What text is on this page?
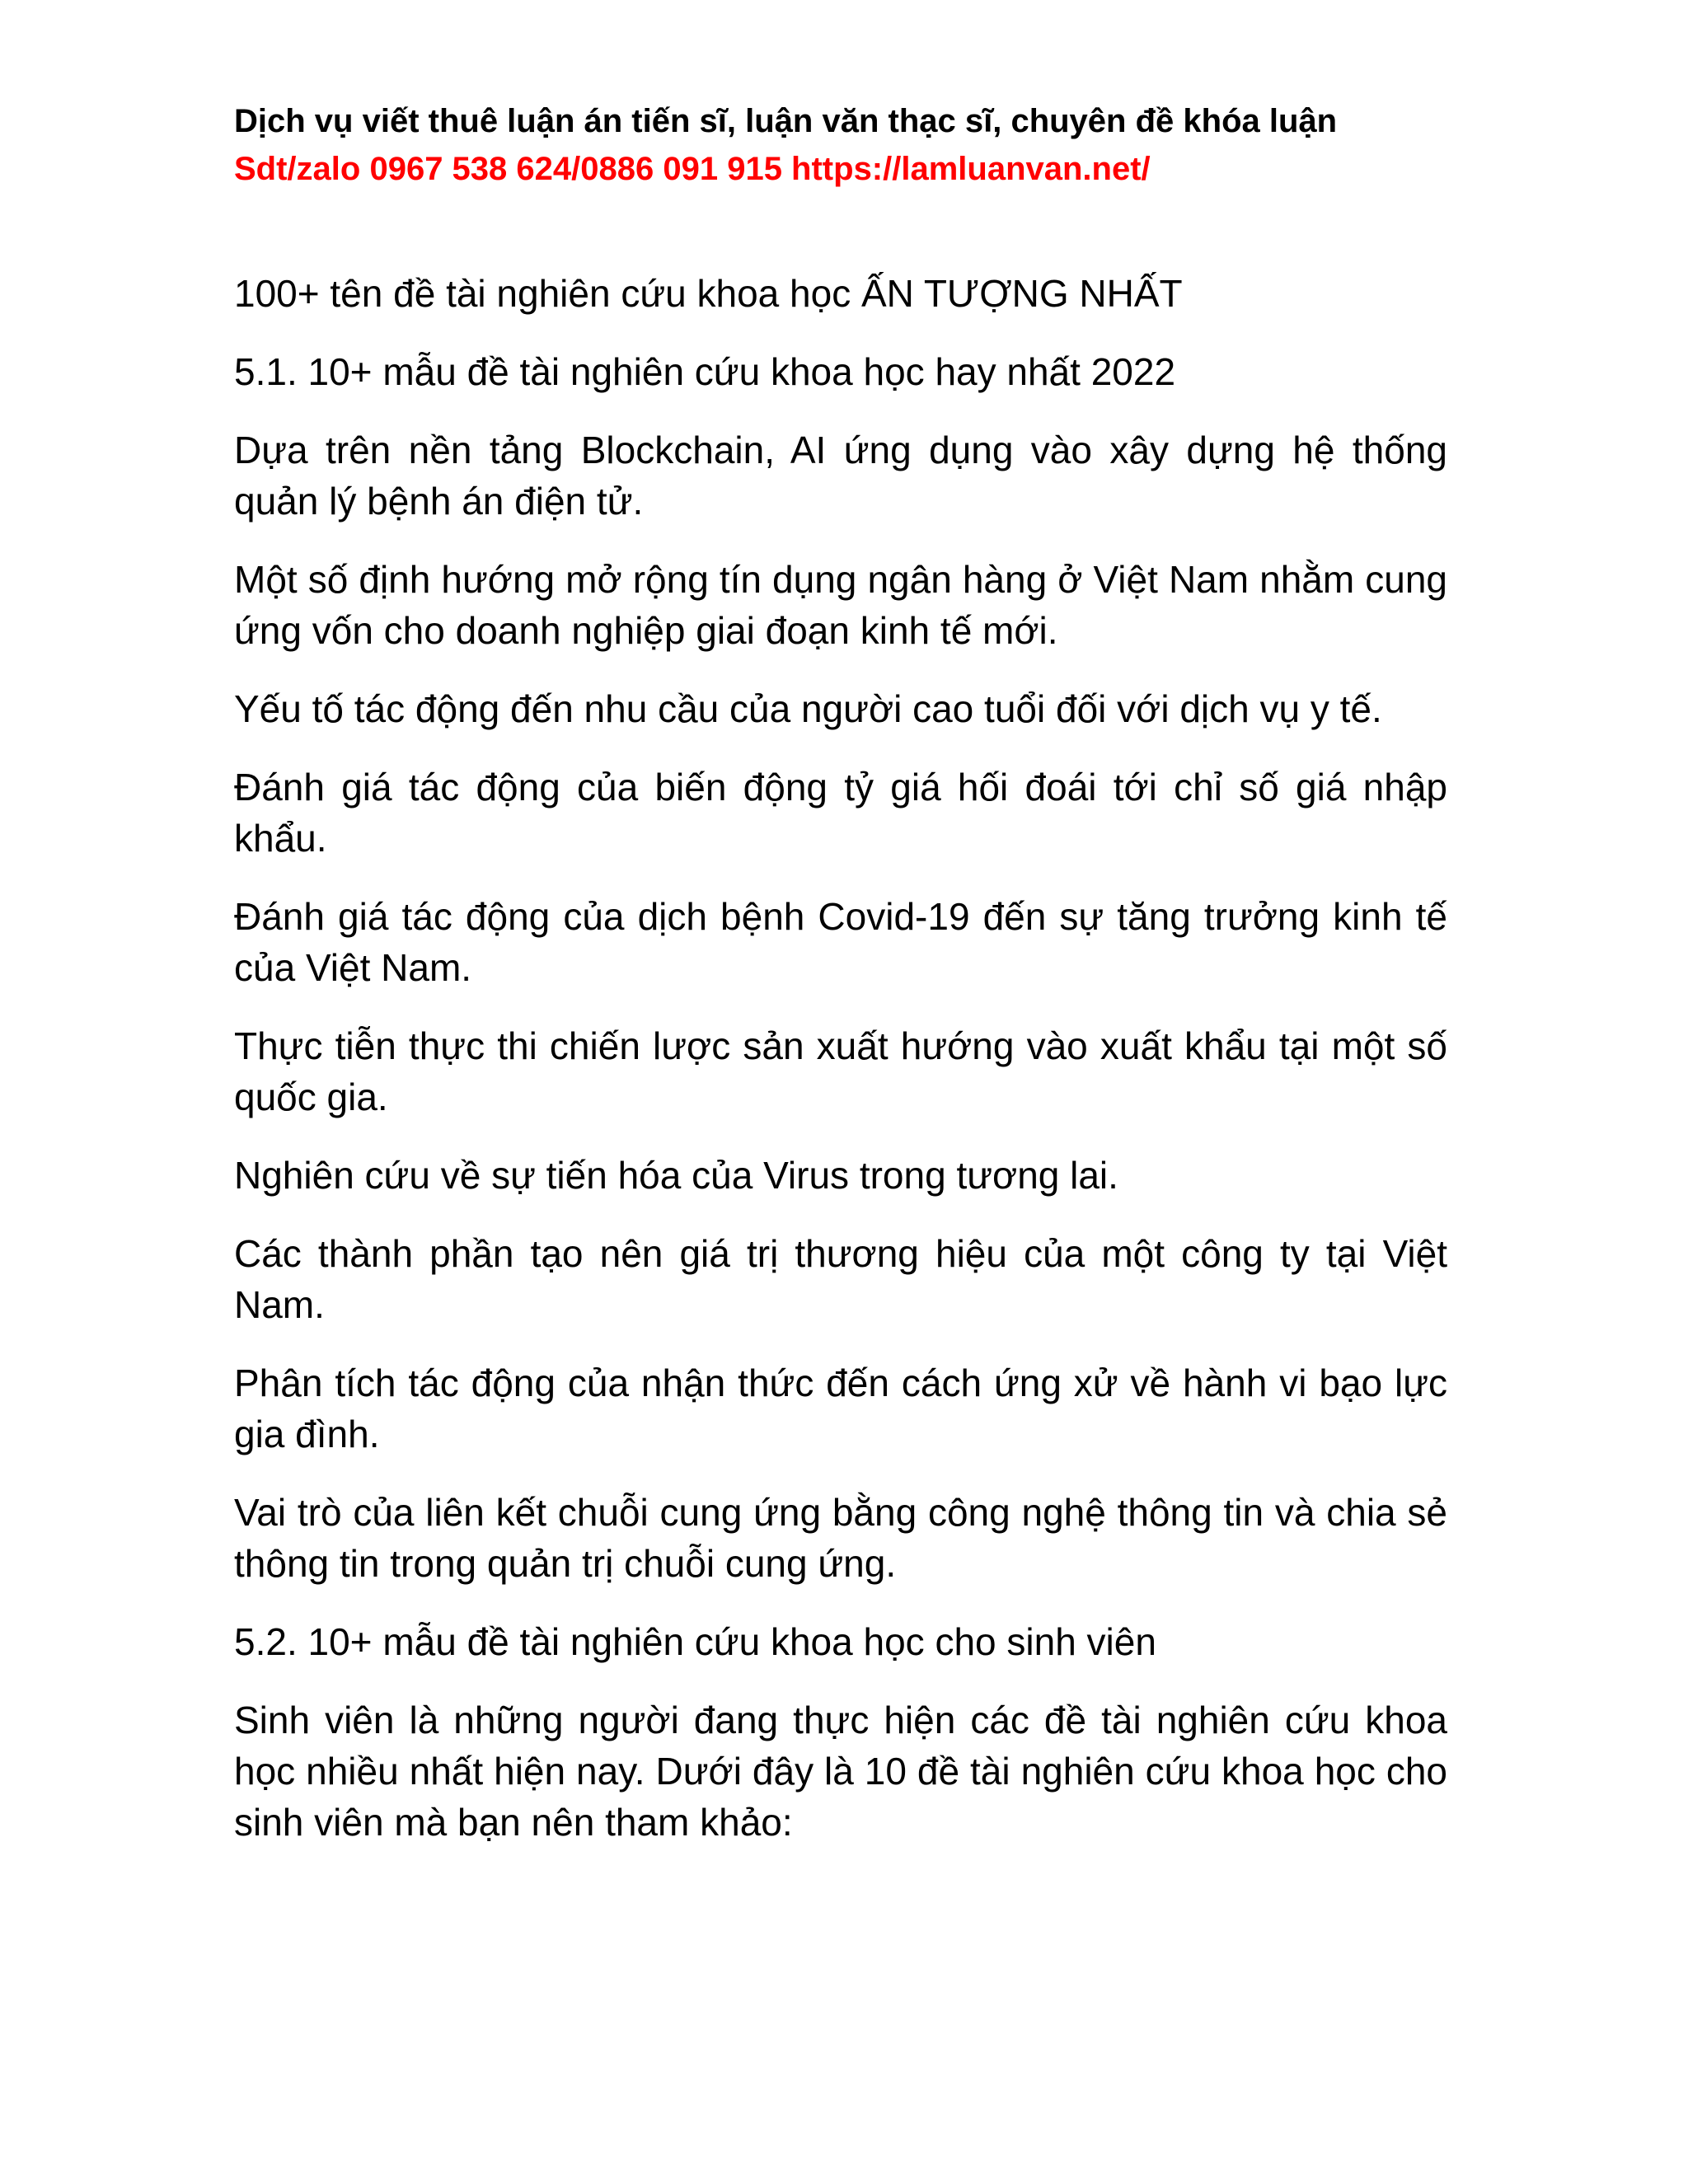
Dịch vụ viết thuê luận án tiến sĩ, luận văn thạc sĩ, chuyên đề khóa luận
Sdt/zalo 0967 538 624/0886 091 915 https://lamluanvan.net/

100+ tên đề tài nghiên cứu khoa học ẤN TƯỢNG NHẤT

5.1. 10+ mẫu đề tài nghiên cứu khoa học hay nhất 2022

Dựa trên nền tảng Blockchain, AI ứng dụng vào xây dựng hệ thống quản lý bệnh án điện tử.

Một số định hướng mở rộng tín dụng ngân hàng ở Việt Nam nhằm cung ứng vốn cho doanh nghiệp giai đoạn kinh tế mới.

Yếu tố tác động đến nhu cầu của người cao tuổi đối với dịch vụ y tế.

Đánh giá tác động của biến động tỷ giá hối đoái tới chỉ số giá nhập khẩu.

Đánh giá tác động của dịch bệnh Covid-19 đến sự tăng trưởng kinh tế của Việt Nam.

Thực tiễn thực thi chiến lược sản xuất hướng vào xuất khẩu tại một số quốc gia.

Nghiên cứu về sự tiến hóa của Virus trong tương lai.

Các thành phần tạo nên giá trị thương hiệu của một công ty tại Việt Nam.

Phân tích tác động của nhận thức đến cách ứng xử về hành vi bạo lực gia đình.

Vai trò của liên kết chuỗi cung ứng bằng công nghệ thông tin và chia sẻ thông tin trong quản trị chuỗi cung ứng.

5.2. 10+ mẫu đề tài nghiên cứu khoa học cho sinh viên

Sinh viên là những người đang thực hiện các đề tài nghiên cứu khoa học nhiều nhất hiện nay. Dưới đây là 10 đề tài nghiên cứu khoa học cho sinh viên mà bạn nên tham khảo:
